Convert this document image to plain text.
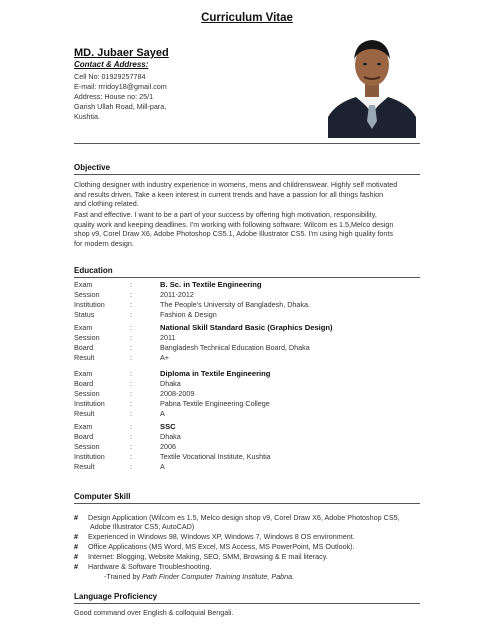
Curriculum Vitae
MD. Jubaer Sayed
Contact & Address:
Cell No: 01929257784
E-mail: rrridoy18@gmail.com
Address: House no: 25/1
Garish Ullah Road, Mill-para,
Kushtia.
Objective
Clothing designer with industry experience in womens, mens and childrenswear. Highly self motivated
and results driven. Take a keen interest in current trends and have a passion for all things fashion
and clothing related.
Fast and effective. I want to be a part of your success by offering high motivation, responsibility,
quality work and keeping deadlines. I'm working with following software: Wilcom es 1.5,Melco design
shop v9, Corel Draw X6, Adobe Photoshop CS5.1, Adobe Illustrator CS5. I'm using high quality fonts
for modern design.
Education
Exam	:	B. Sc. in Textile Engineering
Session	:	2011-2012
Institution	:	The People's University of Bangladesh, Dhaka.
Status	:	Fashion & Design
Exam	:	National Skill Standard Basic (Graphics Design)
Session	:	2011
Board	:	Bangladesh Technical Education Board, Dhaka
Result	:	A+
Exam	:	Diploma in Textile Engineering
Board	:	Dhaka
Session	:	2008-2009
Institution	:	Pabna Textile Engineering College
Result	:	A
Exam	:	SSC
Board	:	Dhaka
Session	:	2006
Institution	:	Textile Vocational Institute, Kushtia
Result	:	A
Computer Skill
# Design Application (Wilcom es 1.5, Melco design shop v9, Corel Draw X6, Adobe Photoshop CS5,
Adobe Illustrator CS5, AutoCAD)
# Experienced in Windows 98, Windows XP, Windows 7, Windows 8 OS environment.
# Office Applications (MS Word, MS Excel, MS Access, MS PowerPoint, MS Outlook).
# Internet: Blogging, Website Making, SEO, SMM, Browsing & E mail literacy.
# Hardware & Software Troubleshooting.
-Trained by Path Finder Computer Training Institute, Pabna.
Language Proficiency
Good command over English & colloquial Bengali.
